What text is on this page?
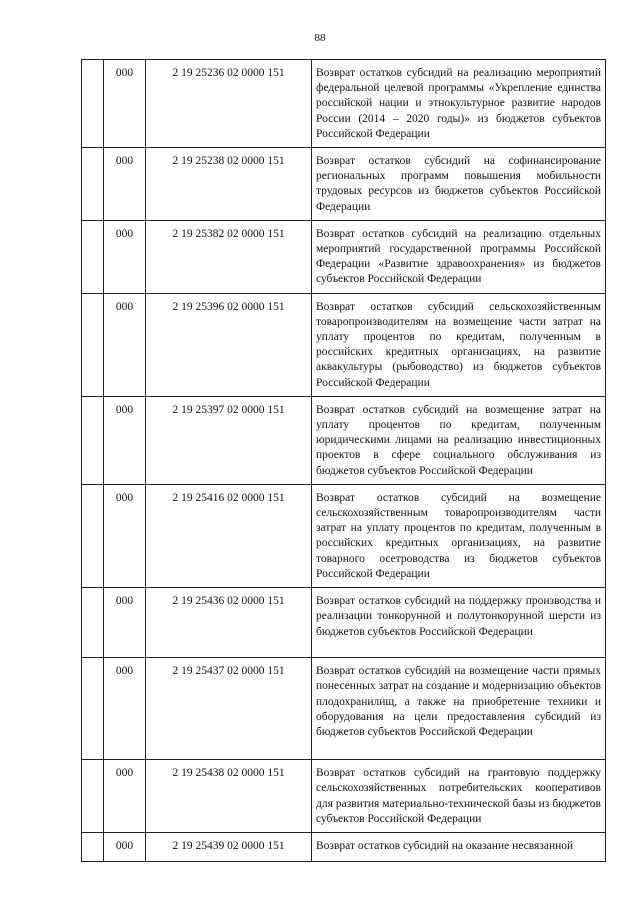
88
	000	2 19 25236 02 0000 151	Возврат остатков субсидий на реализацию мероприятий федеральной целевой программы «Укрепление единства российской нации и этнокультурное развитие народов России (2014 – 2020 годы)» из бюджетов субъектов Российской Федерации
	000	2 19 25238 02 0000 151	Возврат остатков субсидий на софинансирование региональных программ повышения мобильности трудовых ресурсов из бюджетов субъектов Российской Федерации
	000	2 19 25382 02 0000 151	Возврат остатков субсидий на реализацию отдельных мероприятий государственной программы Российской Федерации «Развитие здравоохранения» из бюджетов субъектов Российской Федерации
	000	2 19 25396 02 0000 151	Возврат остатков субсидий сельскохозяйственным товаропроизводителям на возмещение части затрат на уплату процентов по кредитам, полученным в российских кредитных организациях, на развитие аквакультуры (рыбоводство) из бюджетов субъектов Российской Федерации
	000	2 19 25397 02 0000 151	Возврат остатков субсидий на возмещение затрат на уплату процентов по кредитам, полученным юридическими лицами на реализацию инвестиционных проектов в сфере социального обслуживания из бюджетов субъектов Российской Федерации
	000	2 19 25416 02 0000 151	Возврат остатков субсидий на возмещение сельскохозяйственным товаропроизводителям части затрат на уплату процентов по кредитам, полученным в российских кредитных организациях, на развитие товарного осетроводства из бюджетов субъектов Российской Федерации
	000	2 19 25436 02 0000 151	Возврат остатков субсидий на поддержку производства и реализации тонкорунной и полутонкорунной шерсти из бюджетов субъектов Российской Федерации
	000	2 19 25437 02 0000 151	Возврат остатков субсидий на возмещение части прямых понесенных затрат на создание и модернизацию объектов плодохранилищ, а также на приобретение техники и оборудования на цели предоставления субсидий из бюджетов субъектов Российской Федерации
	000	2 19 25438 02 0000 151	Возврат остатков субсидий на грантовую поддержку сельскохозяйственных потребительских кооперативов для развития материально-технической базы из бюджетов субъектов Российской Федерации
	000	2 19 25439 02 0000 151	Возврат остатков субсидий на оказание несвязанной
